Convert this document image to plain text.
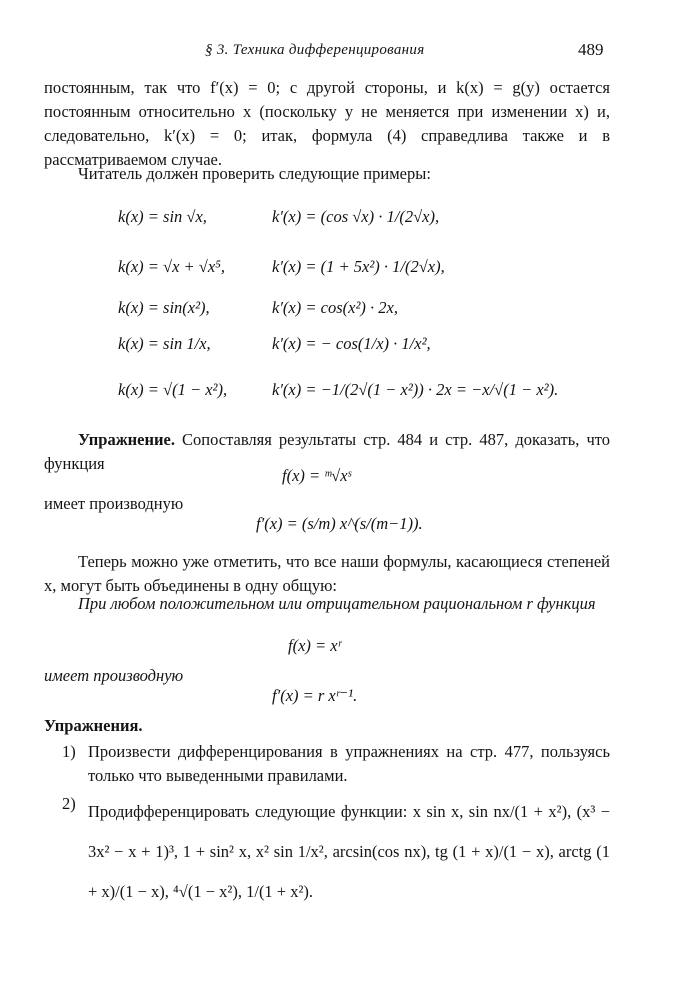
§ 3. Техника дифференцирования	489
постоянным, так что f′(x) = 0; с другой стороны, и k(x) = g(y) остается постоянным относительно x (поскольку y не меняется при изменении x) и, следовательно, k′(x) = 0; итак, формула (4) справедлива также и в рассматриваемом случае.
Читатель должен проверить следующие примеры:
k(x) = sin √x,	k′(x) = (cos √x) · 1/(2√x),
k(x) = √x + √x⁵,	k′(x) = (1 + 5x²) · 1/(2√x),
k(x) = sin(x²),	k′(x) = cos(x²) · 2x,
k(x) = sin 1/x,	k′(x) = − cos(1/x) · 1/x²,
k(x) = √(1 − x²),	k′(x) = −1/(2√(1 − x²)) · 2x = −x/√(1 − x²).
Упражнение. Сопоставляя результаты стр. 484 и стр. 487, доказать, что функция
f(x) = ᵐ√xˢ
имеет производную
f′(x) = (s/m) x^(s/(m−1)).
Теперь можно уже отметить, что все наши формулы, касающиеся степеней x, могут быть объединены в одну общую:
При любом положительном или отрицательном рациональном r функция
f(x) = xʳ
имеет производную
f′(x) = r xʳ⁻¹.
Упражнения.
1) Произвести дифференцирования в упражнениях на стр. 477, пользуясь только что выведенными правилами.
2) Продифференцировать следующие функции: x sin x, sin nx/(1 + x²), (x³ − 3x² − x + 1)³, 1 + sin² x, x² sin 1/x², arcsin(cos nx), tg (1 + x)/(1 − x), arctg (1 + x)/(1 − x), ⁴√(1 − x²), 1/(1 + x²).
